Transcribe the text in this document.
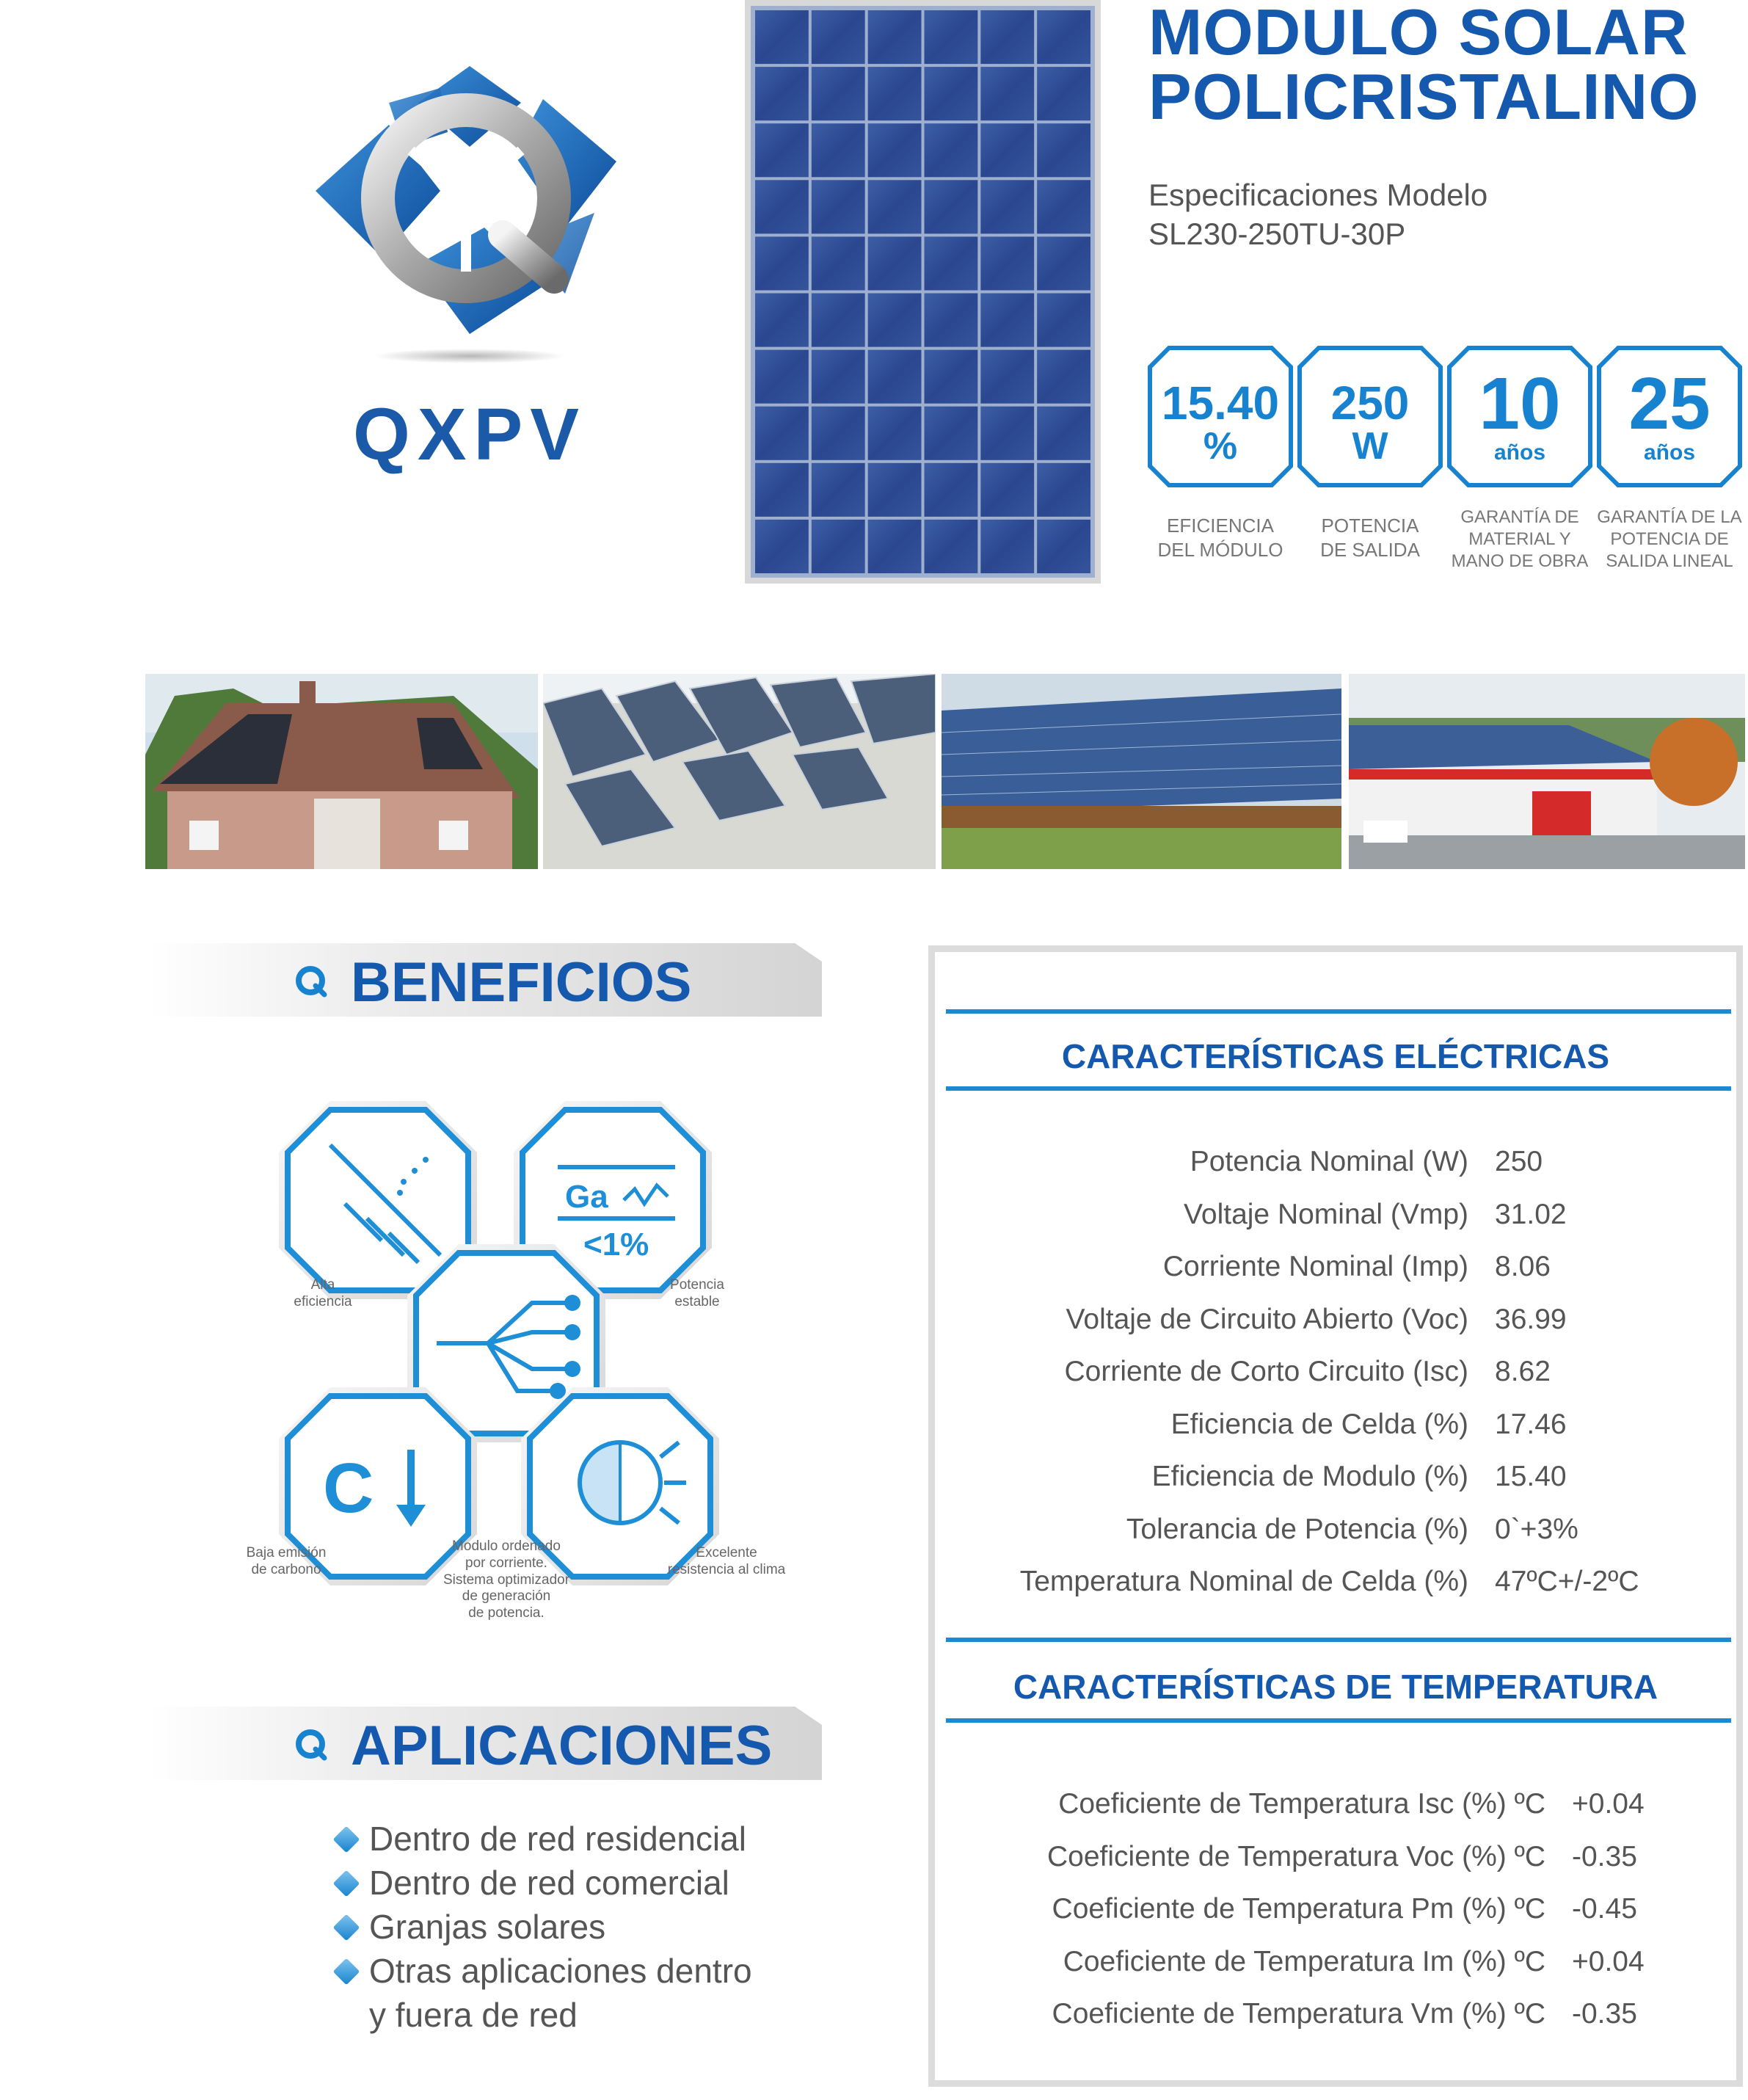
QXPV
MODULO SOLAR
POLICRISTALINO
Especificaciones Modelo
SL230-250TU-30P
15.40
%
250
W
10
años
25
años
EFICIENCIA
DEL MÓDULO
POTENCIA
DE SALIDA
GARANTÍA DE
MATERIAL Y
MANO DE OBRA
GARANTÍA DE LA
POTENCIA DE
SALIDA LINEAL
BENEFICIOS
Ga
<1%
C
Alta
eficiencia
Potencia
estable
Baja emisión
de carbono
Modulo ordenado
por corriente.
Sistema optimizador
de generación
de potencia.
Excelente
resistencia al clima
APLICACIONES
Dentro de red residencial
Dentro de red comercial
Granjas solares
Otras aplicaciones dentro
y fuera de red
CARACTERÍSTICAS ELÉCTRICAS
Potencia Nominal (W) 250
Voltaje Nominal (Vmp) 31.02
Corriente Nominal (Imp) 8.06
Voltaje de Circuito Abierto (Voc) 36.99
Corriente de Corto Circuito (Isc) 8.62
Eficiencia de Celda (%) 17.46
Eficiencia de Modulo (%) 15.40
Tolerancia de Potencia (%) 0`+3%
Temperatura Nominal de Celda (%) 47ºC+/-2ºC
CARACTERÍSTICAS DE TEMPERATURA
Coeficiente de Temperatura Isc (%) ºC +0.04
Coeficiente de Temperatura Voc (%) ºC -0.35
Coeficiente de Temperatura Pm (%) ºC -0.45
Coeficiente de Temperatura Im (%) ºC +0.04
Coeficiente de Temperatura Vm (%) ºC -0.35
